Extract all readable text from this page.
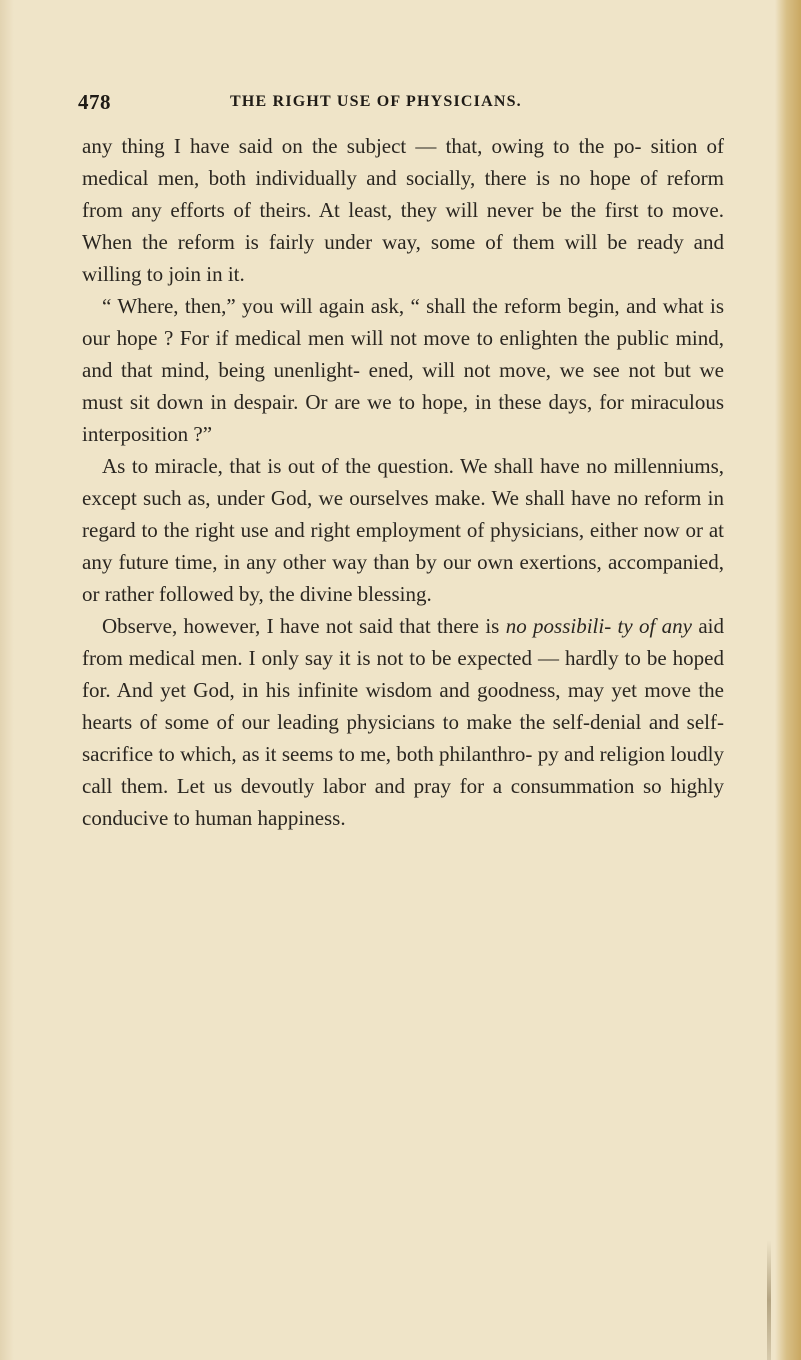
478	THE RIGHT USE OF PHYSICIANS.

any thing I have said on the subject — that, owing to the po- sition of medical men, both individually and socially, there is no hope of reform from any efforts of theirs. At least, they will never be the first to move. When the reform is fairly under way, some of them will be ready and willing to join in it.

“ Where, then,” you will again ask, “ shall the reform begin, and what is our hope ? For if medical men will not move to enlighten the public mind, and that mind, being unenlight- ened, will not move, we see not but we must sit down in despair. Or are we to hope, in these days, for miraculous interposition ?”

As to miracle, that is out of the question. We shall have no millenniums, except such as, under God, we ourselves make. We shall have no reform in regard to the right use and right employment of physicians, either now or at any future time, in any other way than by our own exertions, accompanied, or rather followed by, the divine blessing.

Observe, however, I have not said that there is no possibili- ty of any aid from medical men. I only say it is not to be expected — hardly to be hoped for. And yet God, in his infinite wisdom and goodness, may yet move the hearts of some of our leading physicians to make the self-denial and self-sacrifice to which, as it seems to me, both philanthro- py and religion loudly call them. Let us devoutly labor and pray for a consummation so highly conducive to human happiness.
